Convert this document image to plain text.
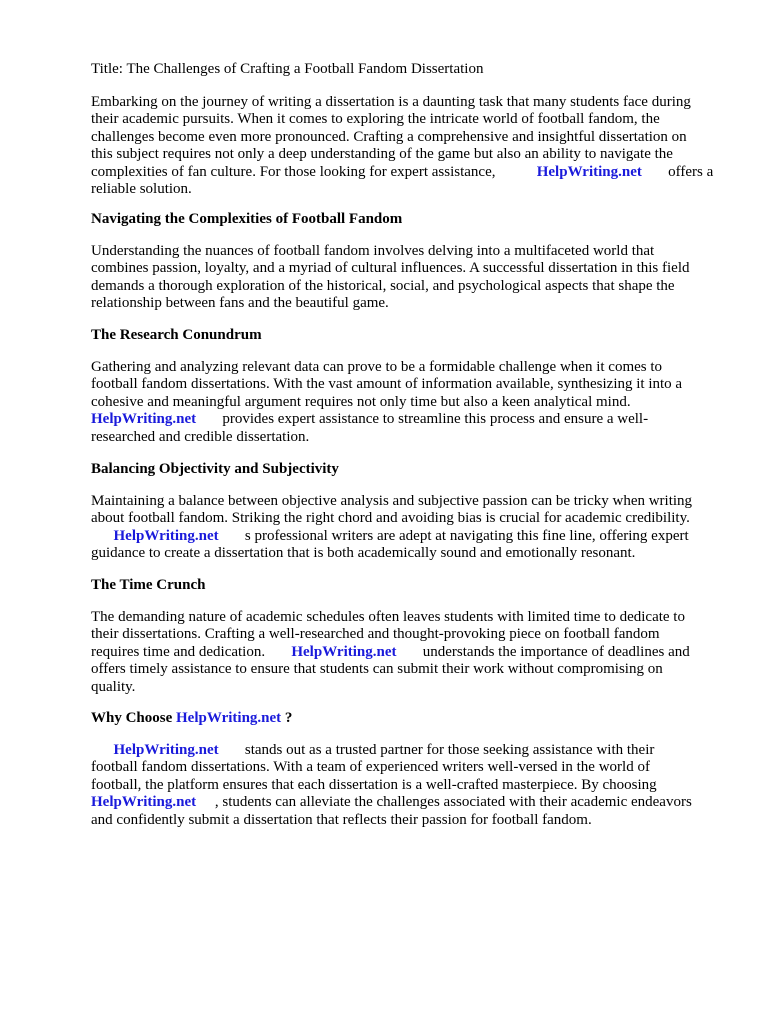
Title: The Challenges of Crafting a Football Fandom Dissertation

Embarking on the journey of writing a dissertation is a daunting task that many students face during
their academic pursuits. When it comes to exploring the intricate world of football fandom, the
challenges become even more pronounced. Crafting a comprehensive and insightful dissertation on
this subject requires not only a deep understanding of the game but also an ability to navigate the
complexities of fan culture. For those looking for expert assistance,	HelpWriting.net offers a
reliable solution.

Navigating the Complexities of Football Fandom

Understanding the nuances of football fandom involves delving into a multifaceted world that
combines passion, loyalty, and a myriad of cultural influences. A successful dissertation in this field
demands a thorough exploration of the historical, social, and psychological aspects that shape the
relationship between fans and the beautiful game.

The Research Conundrum

Gathering and analyzing relevant data can prove to be a formidable challenge when it comes to
football fandom dissertations. With the vast amount of information available, synthesizing it into a
cohesive and meaningful argument requires not only time but also a keen analytical mind.
HelpWriting.net provides expert assistance to streamline this process and ensure a well-
researched and credible dissertation.

Balancing Objectivity and Subjectivity

Maintaining a balance between objective analysis and subjective passion can be tricky when writing
about football fandom. Striking the right chord and avoiding bias is crucial for academic credibility.
HelpWriting.net s professional writers are adept at navigating this fine line, offering expert
guidance to create a dissertation that is both academically sound and emotionally resonant.

The Time Crunch

The demanding nature of academic schedules often leaves students with limited time to dedicate to
their dissertations. Crafting a well-researched and thought-provoking piece on football fandom
requires time and dedication. HelpWriting.net understands the importance of deadlines and
offers timely assistance to ensure that students can submit their work without compromising on
quality.

Why Choose HelpWriting.net ?

HelpWriting.net stands out as a trusted partner for those seeking assistance with their
football fandom dissertations. With a team of experienced writers well-versed in the world of
football, the platform ensures that each dissertation is a well-crafted masterpiece. By choosing
HelpWriting.net , students can alleviate the challenges associated with their academic endeavors
and confidently submit a dissertation that reflects their passion for football fandom.
